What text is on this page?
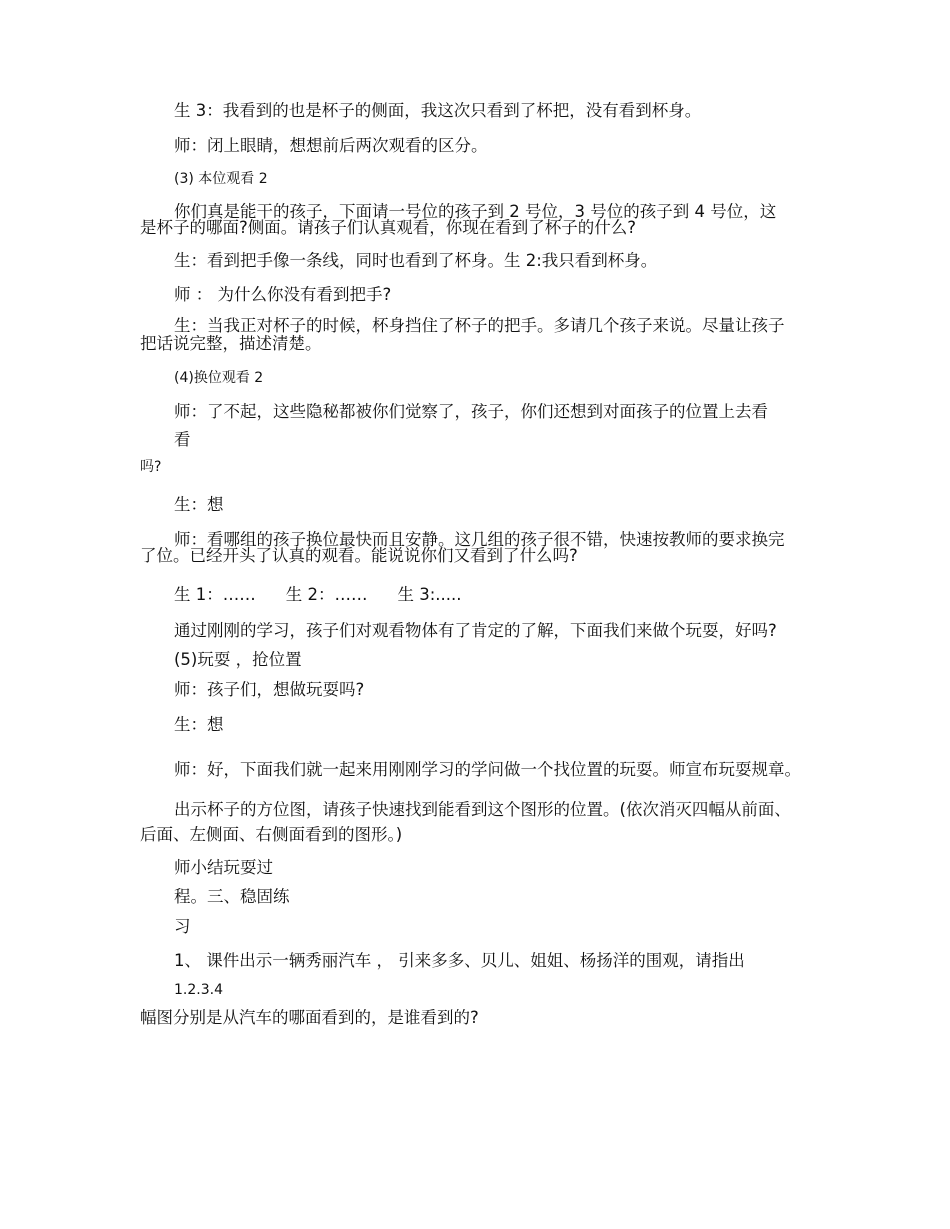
生 3：我看到的也是杯子的侧面，我这次只看到了杯把，没有看到杯身。
师：闭上眼睛，想想前后两次观看的区分。
(3) 本位观看 2
你们真是能干的孩子，下面请一号位的孩子到 2 号位，3 号位的孩子到 4 号位，这
是杯子的哪面?侧面。请孩子们认真观看，你现在看到了杯子的什么?
生：看到把手像一条线，同时也看到了杯身。生 2:我只看到杯身。
师 ： 为什么你没有看到把手?
生：当我正对杯子的时候，杯身挡住了杯子的把手。多请几个孩子来说。尽量让孩子
把话说完整，描述清楚。
(4)换位观看 2
师：了不起，这些隐秘都被你们觉察了，孩子，你们还想到对面孩子的位置上去看
看
吗?
生：想
师：看哪组的孩子换位最快而且安静。这几组的孩子很不错，快速按教师的要求换完
了位。已经开头了认真的观看。能说说你们又看到了什么吗?
生 1：…… 生 2：…… 生 3:.....
通过刚刚的学习，孩子们对观看物体有了肯定的了解，下面我们来做个玩耍，好吗?
(5)玩耍 ，抢位置
师：孩子们，想做玩耍吗?
生：想
师：好，下面我们就一起来用刚刚学习的学问做一个找位置的玩耍。师宣布玩耍规章。
出示杯子的方位图，请孩子快速找到能看到这个图形的位置。(依次消灭四幅从前面、
后面、左侧面、右侧面看到的图形。)
师小结玩耍过
程。三、稳固练
习
1、 课件出示一辆秀丽汽车 ， 引来多多、贝儿、姐姐、杨扬洋的围观，请指出
1.2.3.4
幅图分别是从汽车的哪面看到的，是谁看到的?
